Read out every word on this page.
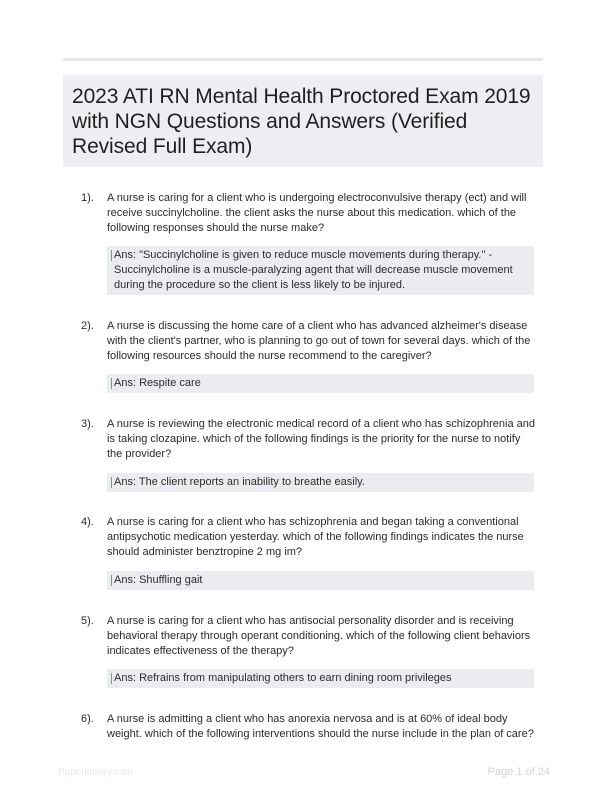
2023 ATI RN Mental Health Proctored Exam 2019 with NGN Questions and Answers (Verified Revised Full Exam)
1). A nurse is caring for a client who is undergoing electroconvulsive therapy (ect) and will receive succinylcholine. the client asks the nurse about this medication. which of the following responses should the nurse make?
Ans: "Succinylcholine is given to reduce muscle movements during therapy." - Succinylcholine is a muscle-paralyzing agent that will decrease muscle movement during the procedure so the client is less likely to be injured.
2). A nurse is discussing the home care of a client who has advanced alzheimer's disease with the client's partner, who is planning to go out of town for several days. which of the following resources should the nurse recommend to the caregiver?
Ans: Respite care
3). A nurse is reviewing the electronic medical record of a client who has schizophrenia and is taking clozapine. which of the following findings is the priority for the nurse to notify the provider?
Ans: The client reports an inability to breathe easily.
4). A nurse is caring for a client who has schizophrenia and began taking a conventional antipsychotic medication yesterday. which of the following findings indicates the nurse should administer benztropine 2 mg im?
Ans: Shuffling gait
5). A nurse is caring for a client who has antisocial personality disorder and is receiving behavioral therapy through operant conditioning. which of the following client behaviors indicates effectiveness of the therapy?
Ans: Refrains from manipulating others to earn dining room privileges
6). A nurse is admitting a client who has anorexia nervosa and is at 60% of ideal body weight. which of the following interventions should the nurse include in the plan of care?
Paperlibrary.com	Page 1 of 24
